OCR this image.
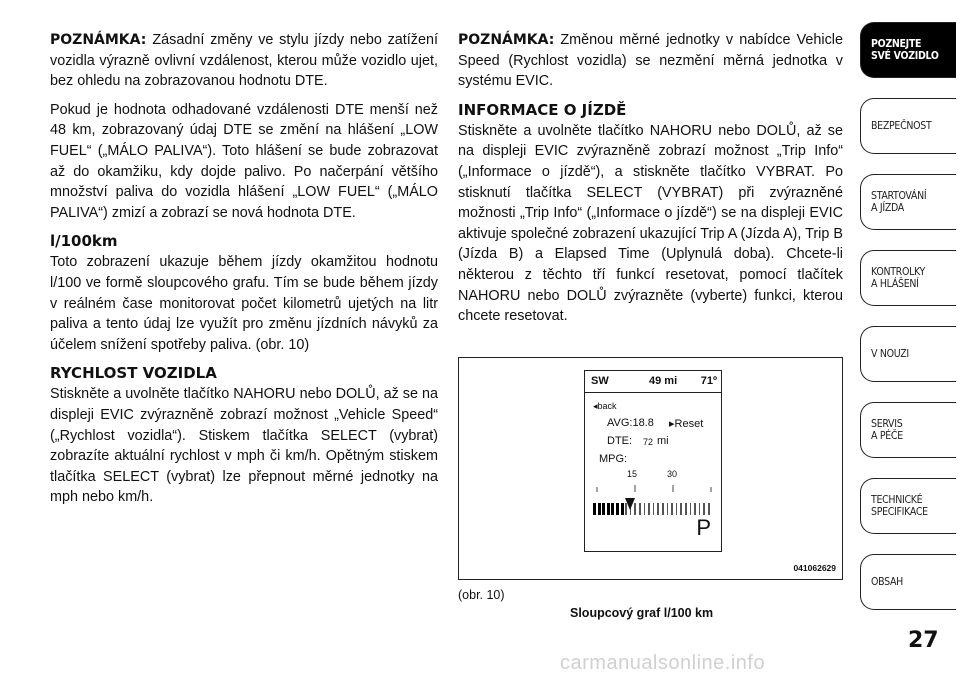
POZNÁMKA: Zásadní změny ve stylu jízdy nebo zatížení vozidla výrazně ovlivní vzdálenost, kterou může vozidlo ujet, bez ohledu na zobrazovanou hodnotu DTE.

Pokud je hodnota odhadované vzdálenosti DTE menší než 48 km, zobrazovaný údaj DTE se změní na hlášení „LOW FUEL“ („MÁLO PALIVA“). Toto hlášení se bude zobrazovat až do okamžiku, kdy dojde palivo. Po načerpání většího množství paliva do vozidla hlášení „LOW FUEL“ („MÁLO PALIVA“) zmizí a zobrazí se nová hodnota DTE.

l/100km

Toto zobrazení ukazuje během jízdy okamžitou hodnotu l/100 ve formě sloupcového grafu. Tím se bude během jízdy v reálném čase monitorovat počet kilometrů ujetých na litr paliva a tento údaj lze využít pro změnu jízdních návyků za účelem snížení spotřeby paliva. (obr. 10)

RYCHLOST VOZIDLA

Stiskněte a uvolněte tlačítko NAHORU nebo DOLŮ, až se na displeji EVIC zvýrazněně zobrazí možnost „Vehicle Speed“ („Rychlost vozidla“). Stiskem tlačítka SELECT (vybrat) zobrazíte aktuální rychlost v mph či km/h. Opětným stiskem tlačítka SELECT (vybrat) lze přepnout měrné jednotky na mph nebo km/h.

POZNÁMKA: Změnou měrné jednotky v nabídce Vehicle Speed (Rychlost vozidla) se nezmění měrná jednotka v systému EVIC.

INFORMACE O JÍZDĚ

Stiskněte a uvolněte tlačítko NAHORU nebo DOLŮ, až se na displeji EVIC zvýrazněně zobrazí možnost „Trip Info“ („Informace o jízdě“), a stiskněte tlačítko VYBRAT. Po stisknutí tlačítka SELECT (VYBRAT) při zvýrazněné možnosti „Trip Info“ („Informace o jízdě“) se na displeji EVIC aktivuje společné zobrazení ukazující Trip A (Jízda A), Trip B (Jízda B) a Elapsed Time (Uplynulá doba). Chcete-li některou z těchto tří funkcí resetovat, pomocí tlačítek NAHORU nebo DOLŮ zvýrazněte (vyberte) funkci, kterou chcete resetovat.

SW	49 mi 71º
◂back
AVG:18.8 ▸Reset
DTE: 72 mi
MPG:
15	30
P
041062629
(obr. 10)
Sloupcový graf l/100 km
POZNEJTE
SVÉ VOZIDLO
BEZPEČNOST
STARTOVÁNÍ
A JÍZDA
KONTROLKY
A HLÁŠENÍ
V NOUZI
SERVIS
A PÉČE
TECHNICKÉ
SPECIFIKACE
OBSAH
27
carmanualsonline.info
